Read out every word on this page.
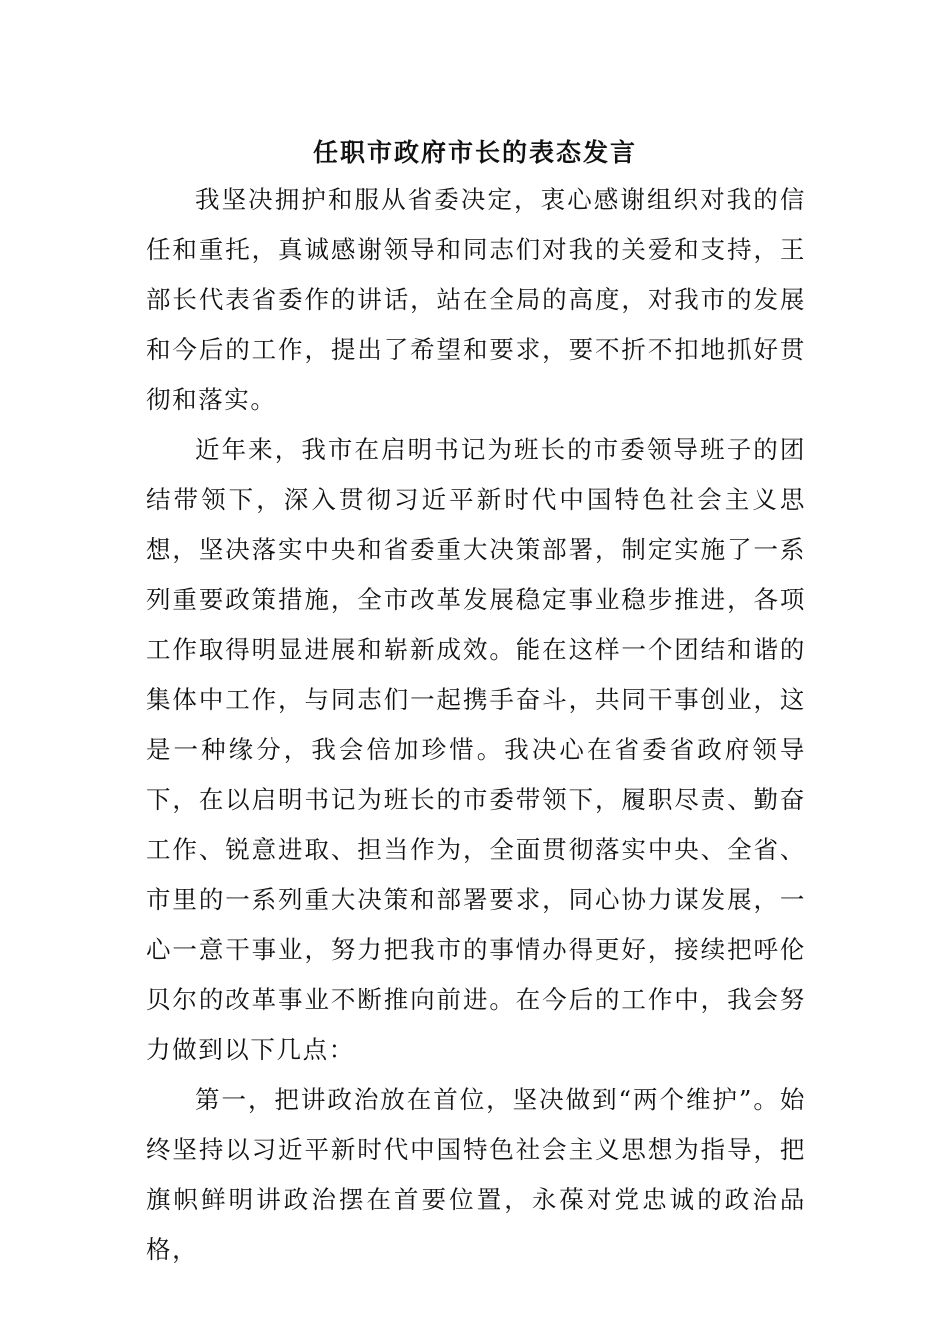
任职市政府市长的表态发言

我坚决拥护和服从省委决定，衷心感谢组织对我的信任和重托，真诚感谢领导和同志们对我的关爱和支持，王部长代表省委作的讲话，站在全局的高度，对我市的发展和今后的工作，提出了希望和要求，要不折不扣地抓好贯彻和落实。

近年来，我市在启明书记为班长的市委领导班子的团结带领下，深入贯彻习近平新时代中国特色社会主义思想，坚决落实中央和省委重大决策部署，制定实施了一系列重要政策措施，全市改革发展稳定事业稳步推进，各项工作取得明显进展和崭新成效。能在这样一个团结和谐的集体中工作，与同志们一起携手奋斗，共同干事创业，这是一种缘分，我会倍加珍惜。我决心在省委省政府领导下，在以启明书记为班长的市委带领下，履职尽责、勤奋工作、锐意进取、担当作为，全面贯彻落实中央、全省、市里的一系列重大决策和部署要求，同心协力谋发展，一心一意干事业，努力把我市的事情办得更好，接续把呼伦贝尔的改革事业不断推向前进。在今后的工作中，我会努力做到以下几点：

第一，把讲政治放在首位，坚决做到“两个维护”。始终坚持以习近平新时代中国特色社会主义思想为指导，把旗帜鲜明讲政治摆在首要位置，永葆对党忠诚的政治品格，
